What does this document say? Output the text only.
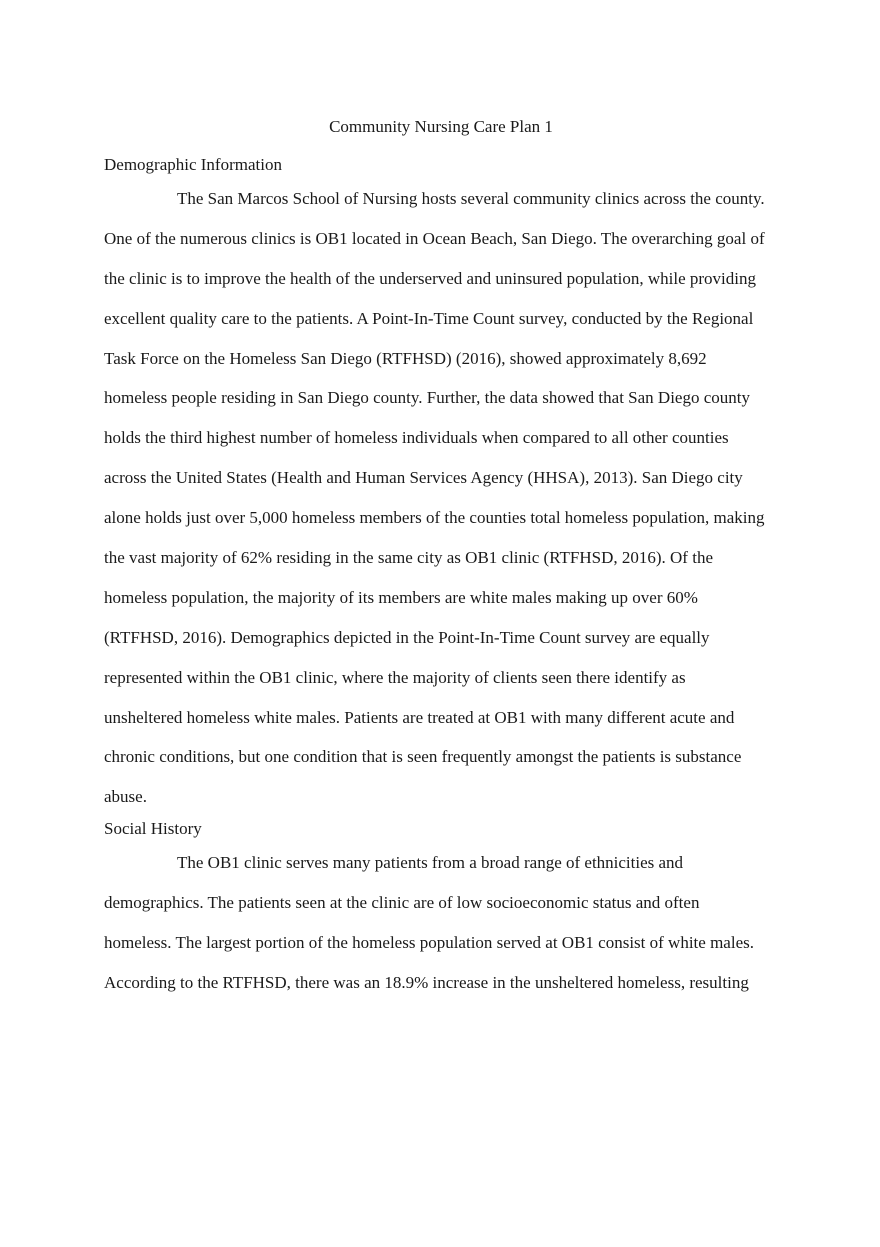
Community Nursing Care Plan 1
Demographic Information

The San Marcos School of Nursing hosts several community clinics across the county.
One of the numerous clinics is OB1 located in Ocean Beach, San Diego. The overarching goal of
the clinic is to improve the health of the underserved and uninsured population, while providing
excellent quality care to the patients. A Point-In-Time Count survey, conducted by the Regional
Task Force on the Homeless San Diego (RTFHSD) (2016), showed approximately 8,692
homeless people residing in San Diego county. Further, the data showed that San Diego county
holds the third highest number of homeless individuals when compared to all other counties
across the United States (Health and Human Services Agency (HHSA), 2013). San Diego city
alone holds just over 5,000 homeless members of the counties total homeless population, making
the vast majority of 62% residing in the same city as OB1 clinic (RTFHSD, 2016). Of the
homeless population, the majority of its members are white males making up over 60%
(RTFHSD, 2016). Demographics depicted in the Point-In-Time Count survey are equally
represented within the OB1 clinic, where the majority of clients seen there identify as
unsheltered homeless white males. Patients are treated at OB1 with many different acute and
chronic conditions, but one condition that is seen frequently amongst the patients is substance
abuse.

Social History

The OB1 clinic serves many patients from a broad range of ethnicities and
demographics. The patients seen at the clinic are of low socioeconomic status and often
homeless. The largest portion of the homeless population served at OB1 consist of white males.
According to the RTFHSD, there was an 18.9% increase in the unsheltered homeless, resulting
